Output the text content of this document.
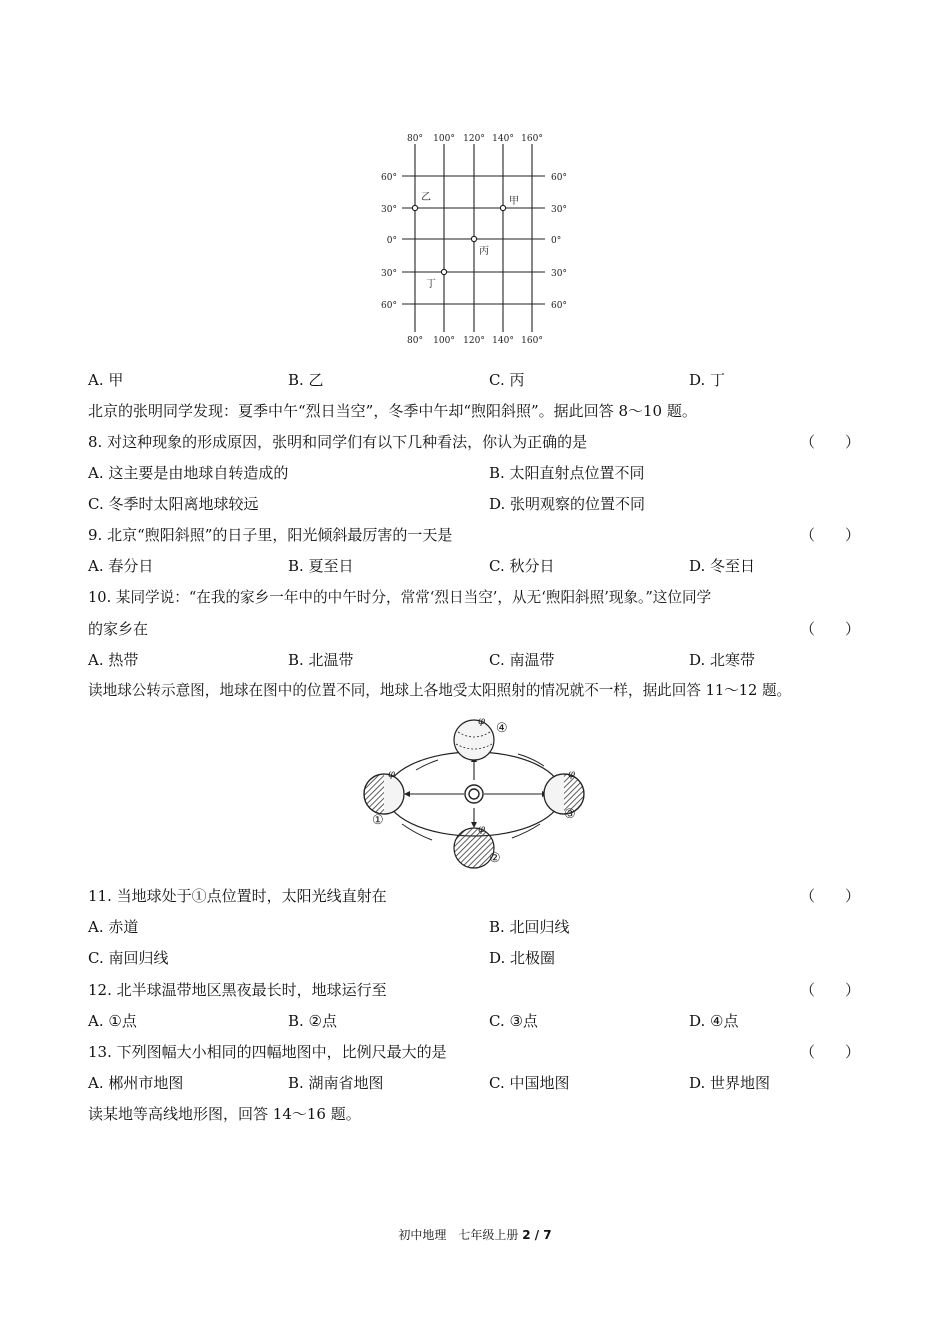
80° 100° 120° 140° 160°
80° 100° 120° 140° 160°
60°
30°
0°
30°
60°
60°
30°
0°
30°
60°
甲
乙
丙
丁
A. 甲	B. 乙	C. 丙	D. 丁
北京的张明同学发现：夏季中午“烈日当空”，冬季中午却“煦阳斜照”。据此回答 8～10 题。
8. 对这种现象的形成原因，张明和同学们有以下几种看法，你认为正确的是	（　　）
A. 这主要是由地球自转造成的	B. 太阳直射点位置不同
C. 冬季时太阳离地球较远	D. 张明观察的位置不同
9. 北京“煦阳斜照”的日子里，阳光倾斜最厉害的一天是	（　　）
A. 春分日	B. 夏至日	C. 秋分日	D. 冬至日
10. 某同学说：“在我的家乡一年中的中午时分，常常‘烈日当空’，从无‘煦阳斜照’现象。”这位同学
的家乡在	（　　）
A. 热带	B. 北温带	C. 南温带	D. 北寒带
读地球公转示意图，地球在图中的位置不同，地球上各地受太阳照射的情况就不一样，据此回答 11～12 题。
φ
φ
φ
φ
①
②
③
④
11. 当地球处于①点位置时，太阳光线直射在	（　　）
A. 赤道	B. 北回归线
C. 南回归线	D. 北极圈
12. 北半球温带地区黑夜最长时，地球运行至	（　　）
A. ①点	B. ②点	C. ③点	D. ④点
13. 下列图幅大小相同的四幅地图中，比例尺最大的是	（　　）
A. 郴州市地图	B. 湖南省地图	C. 中国地图	D. 世界地图
读某地等高线地形图，回答 14～16 题。
初中地理　七年级上册 2 / 7
